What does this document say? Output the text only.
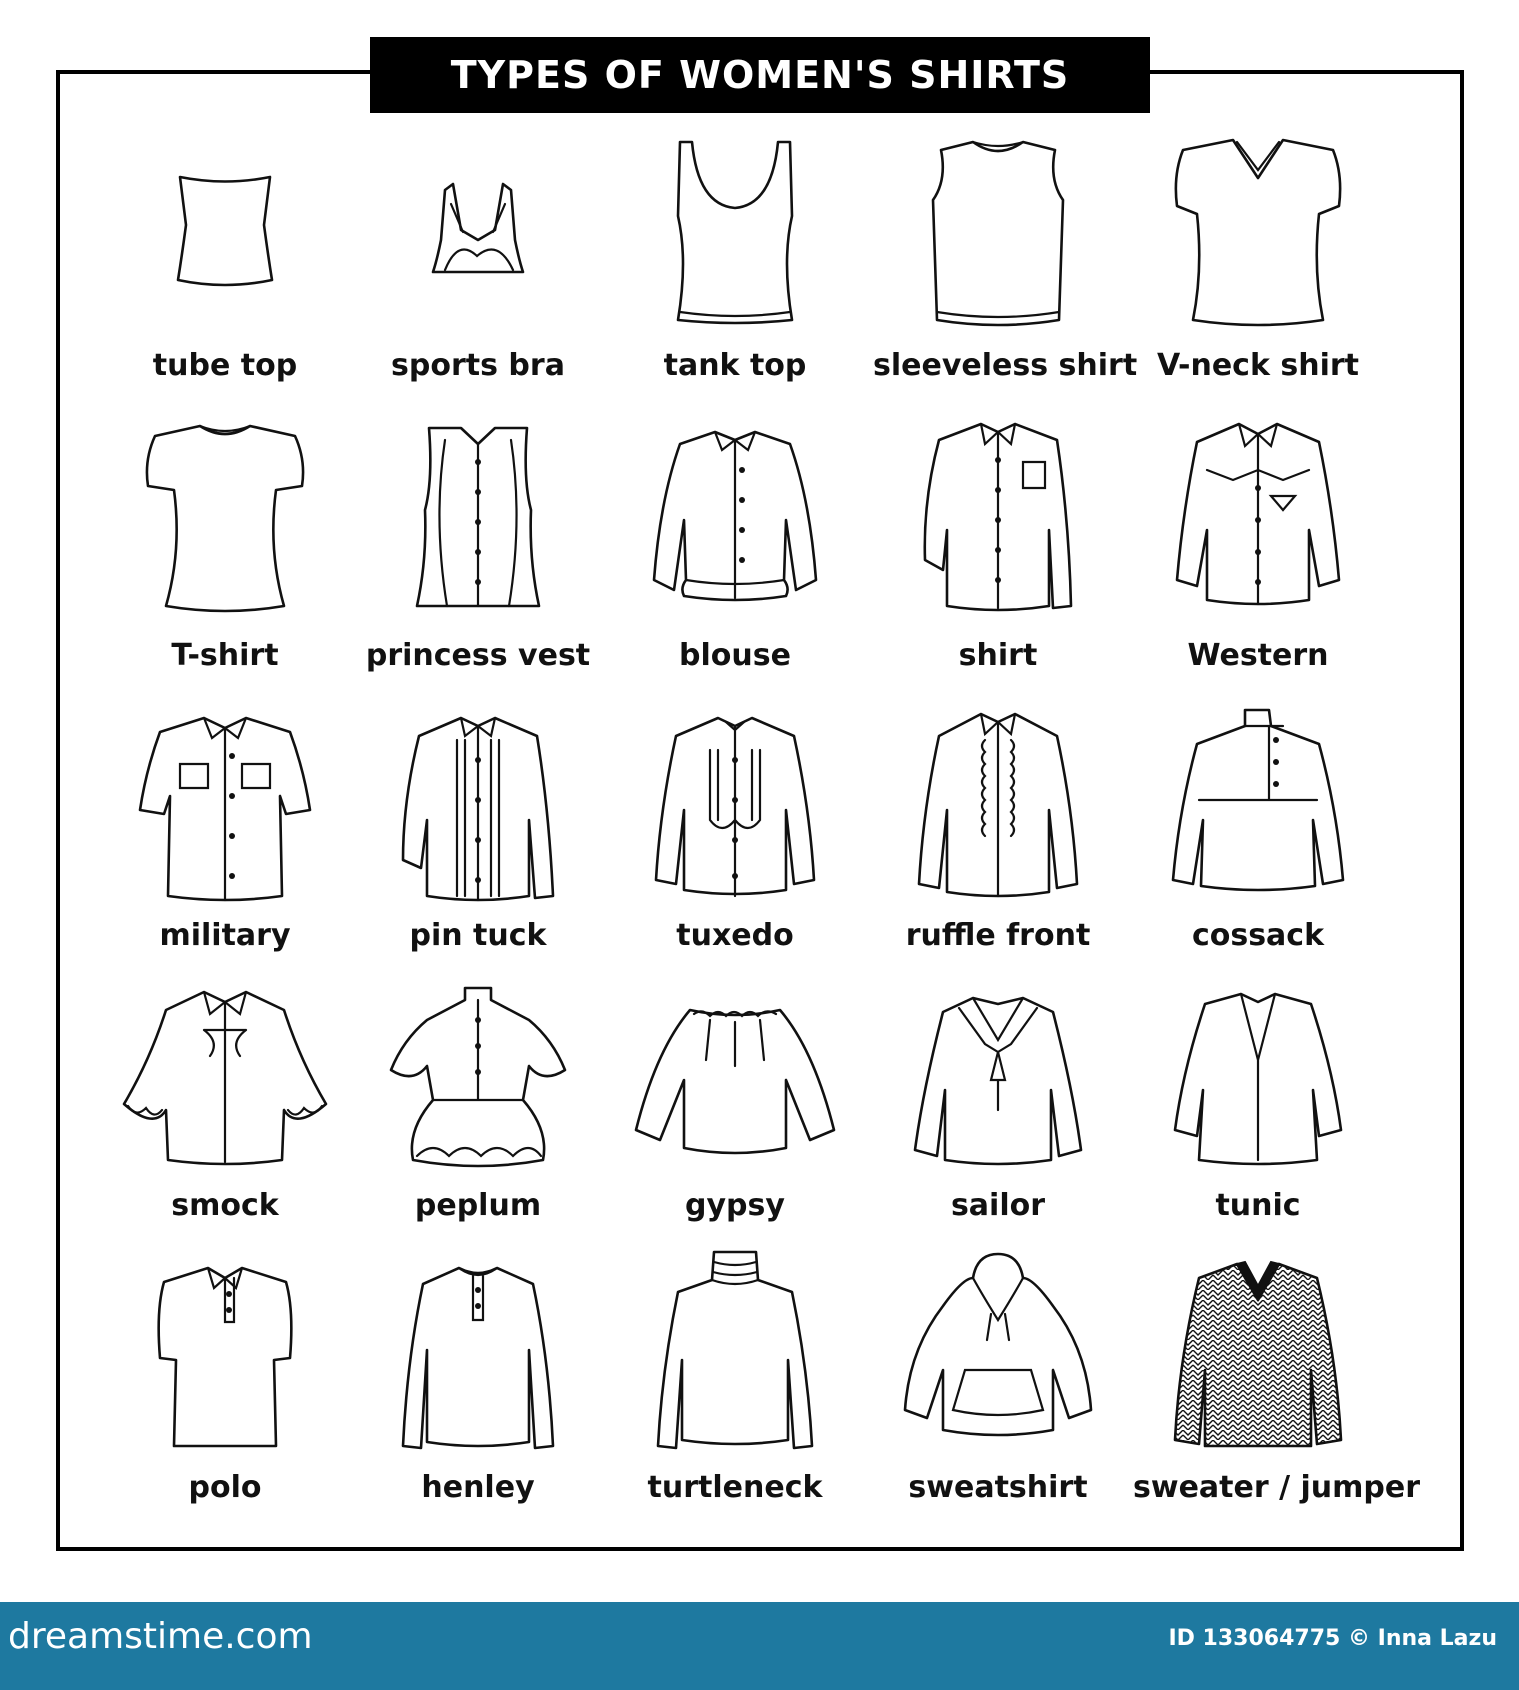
TYPES OF WOMEN'S SHIRTS
tube top	sports bra	tank top	sleeveless shirt V-neck shirt
T-shirt	princess vest	blouse	shirt	Western
military	pin tuck	tuxedo	ruffle front	cossack
smock	peplum	gypsy	sailor	tunic
polo	henley	turtleneck	sweatshirt	sweater / jumper
dreamstime.com	ID 133064775 © Inna Lazu
